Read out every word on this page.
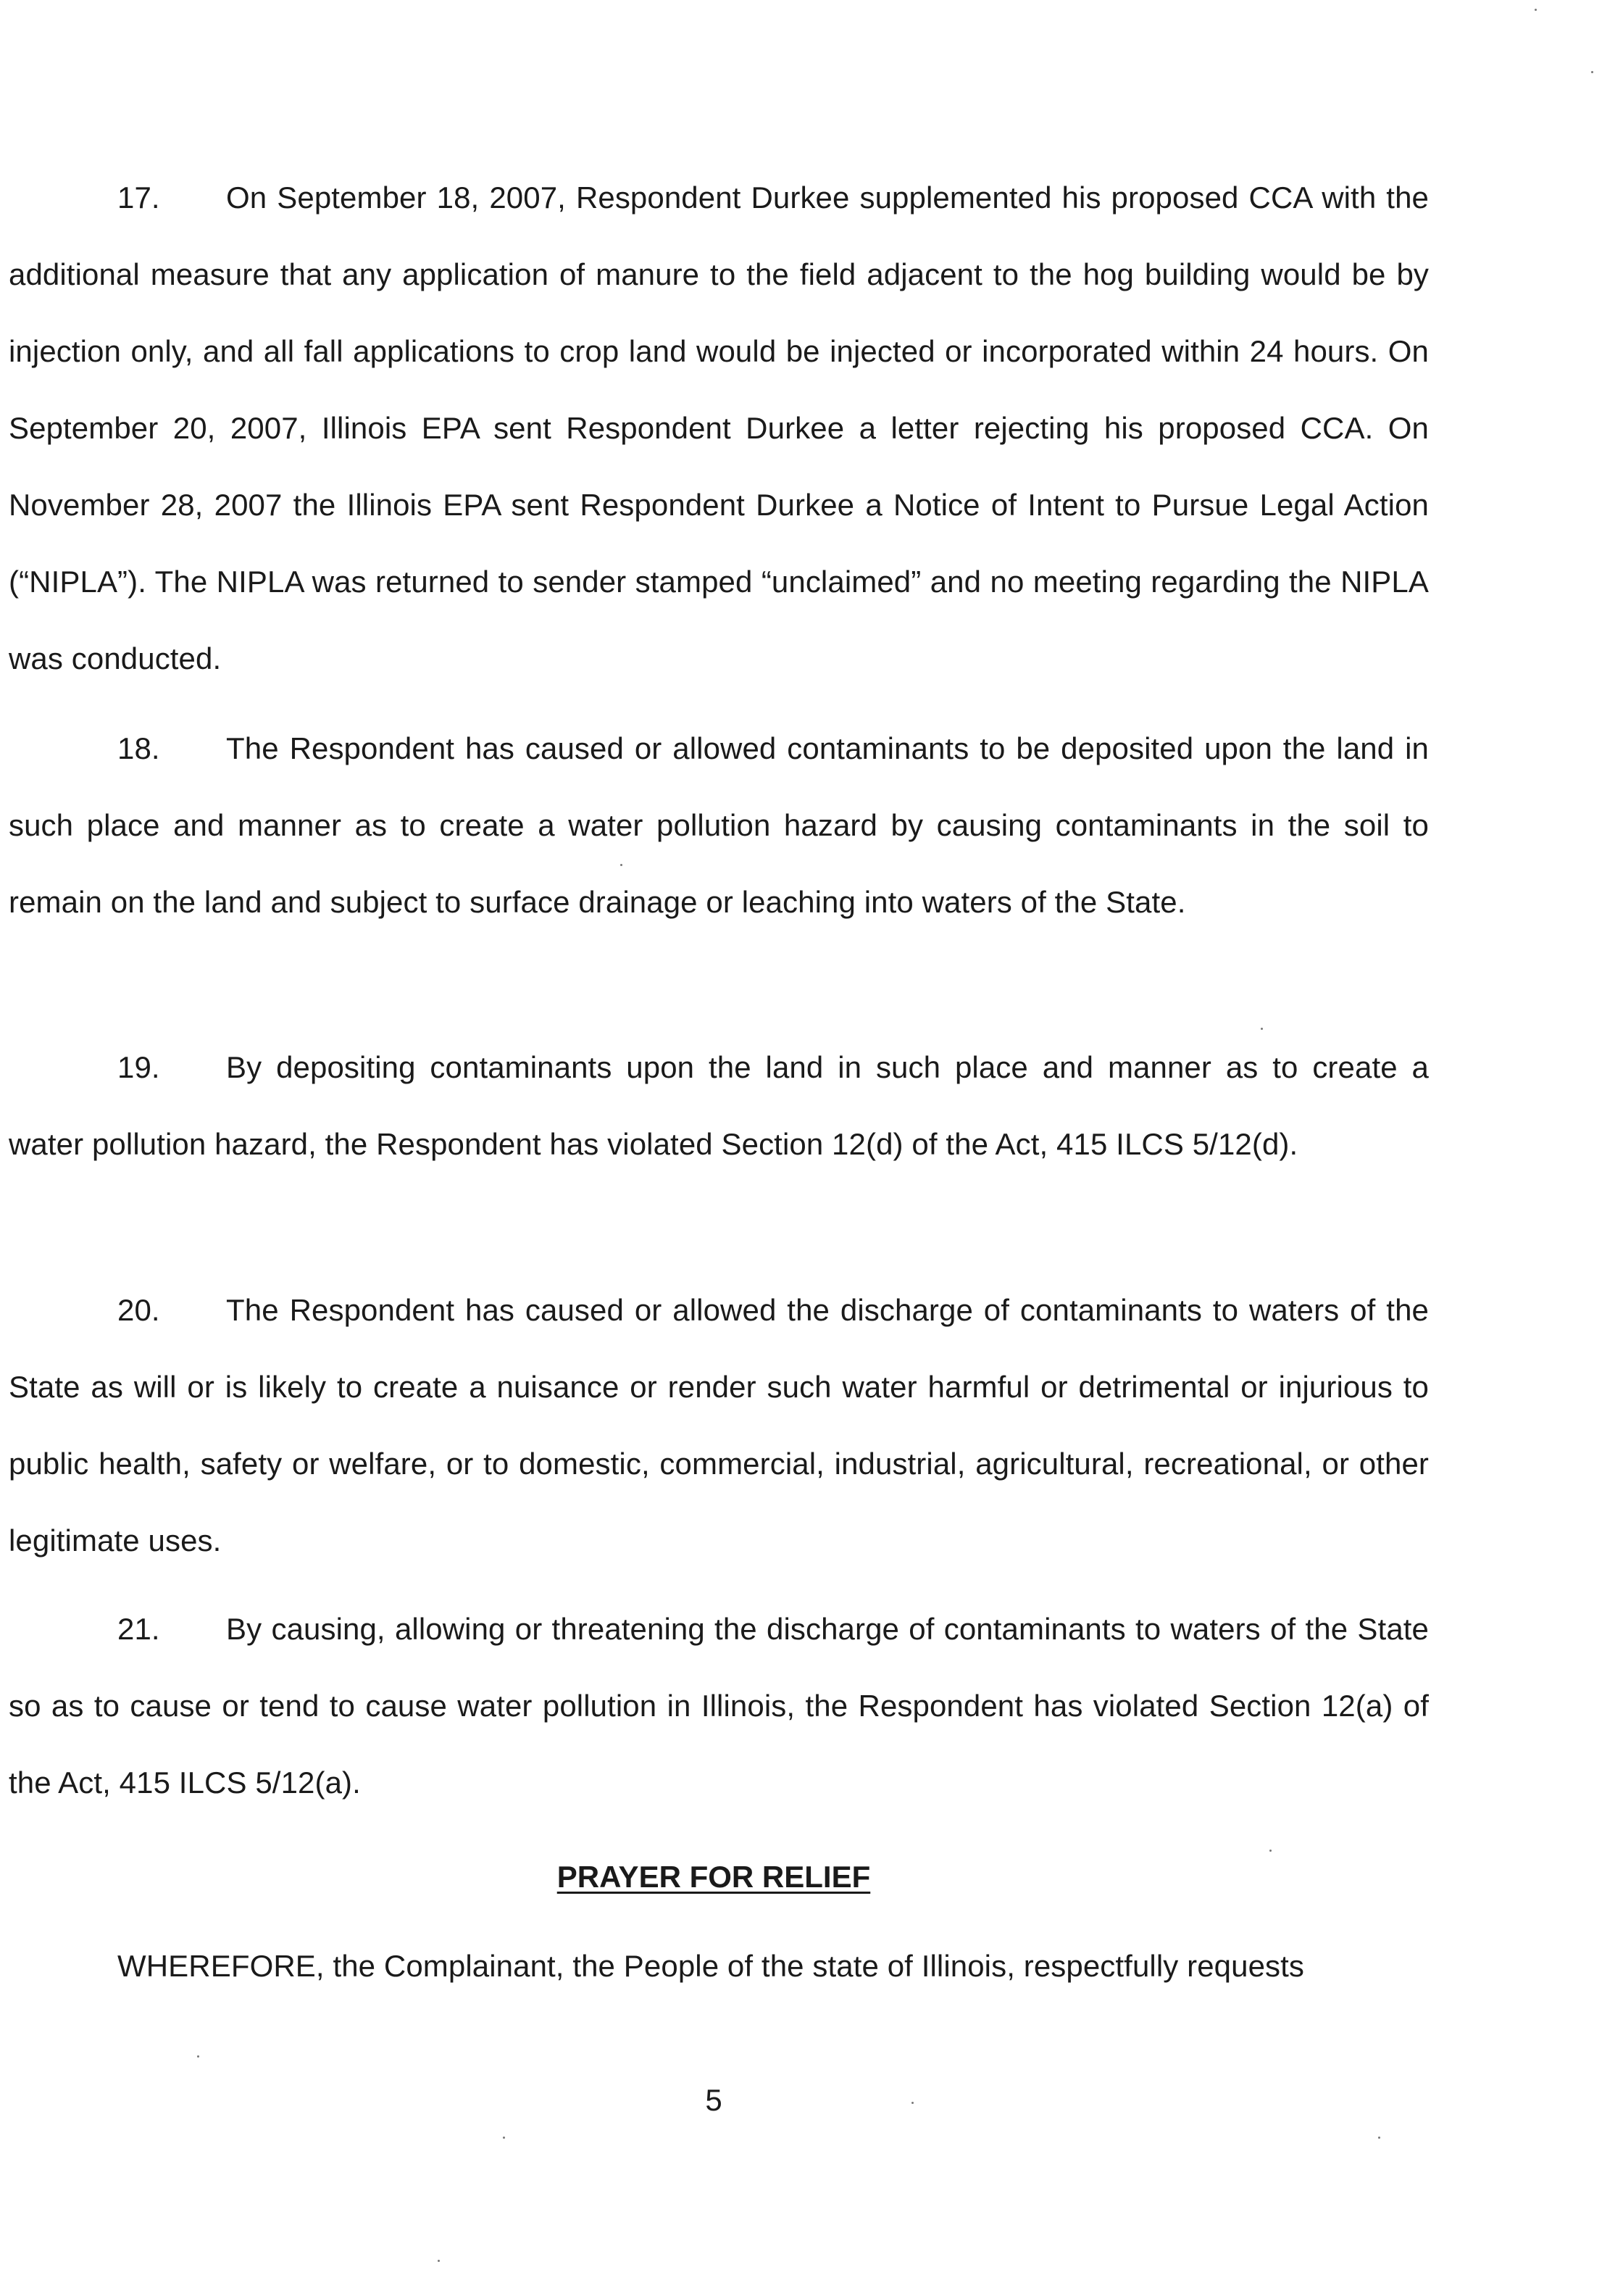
17. On September 18, 2007, Respondent Durkee supplemented his proposed CCA with the additional measure that any application of manure to the field adjacent to the hog building would be by injection only, and all fall applications to crop land would be injected or incorporated within 24 hours. On September 20, 2007, Illinois EPA sent Respondent Durkee a letter rejecting his proposed CCA. On November 28, 2007 the Illinois EPA sent Respondent Durkee a Notice of Intent to Pursue Legal Action (“NIPLA”). The NIPLA was returned to sender stamped “unclaimed” and no meeting regarding the NIPLA was conducted.

18. The Respondent has caused or allowed contaminants to be deposited upon the land in such place and manner as to create a water pollution hazard by causing contaminants in the soil to remain on the land and subject to surface drainage or leaching into waters of the State.

19. By depositing contaminants upon the land in such place and manner as to create a water pollution hazard, the Respondent has violated Section 12(d) of the Act, 415 ILCS 5/12(d).

20. The Respondent has caused or allowed the discharge of contaminants to waters of the State as will or is likely to create a nuisance or render such water harmful or detrimental or injurious to public health, safety or welfare, or to domestic, commercial, industrial, agricultural, recreational, or other legitimate uses.

21. By causing, allowing or threatening the discharge of contaminants to waters of the State so as to cause or tend to cause water pollution in Illinois, the Respondent has violated Section 12(a) of the Act, 415 ILCS 5/12(a).

PRAYER FOR RELIEF

WHEREFORE, the Complainant, the People of the state of Illinois, respectfully requests

5
